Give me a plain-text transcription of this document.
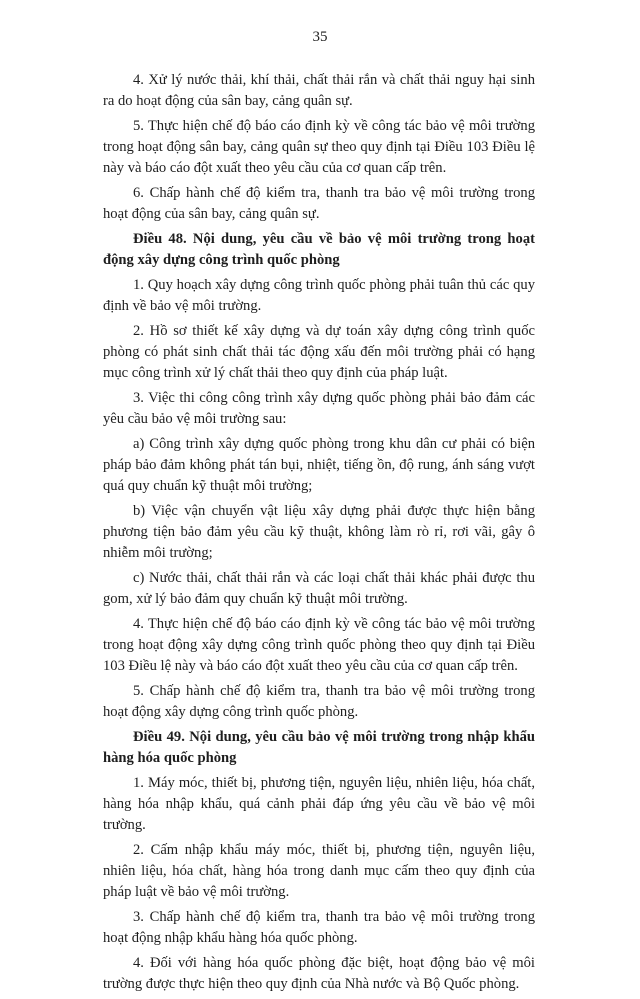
35

4. Xử lý nước thải, khí thải, chất thải rắn và chất thải nguy hại sinh ra do hoạt động của sân bay, cảng quân sự.

5. Thực hiện chế độ báo cáo định kỳ về công tác bảo vệ môi trường trong hoạt động sân bay, cảng quân sự theo quy định tại Điều 103 Điều lệ này và báo cáo đột xuất theo yêu cầu của cơ quan cấp trên.

6. Chấp hành chế độ kiểm tra, thanh tra bảo vệ môi trường trong hoạt động của sân bay, cảng quân sự.

Điều 48. Nội dung, yêu cầu về bảo vệ môi trường trong hoạt động xây dựng công trình quốc phòng

1. Quy hoạch xây dựng công trình quốc phòng phải tuân thủ các quy định về bảo vệ môi trường.

2. Hồ sơ thiết kế xây dựng và dự toán xây dựng công trình quốc phòng có phát sinh chất thải tác động xấu đến môi trường phải có hạng mục công trình xử lý chất thải theo quy định của pháp luật.

3. Việc thi công công trình xây dựng quốc phòng phải bảo đảm các yêu cầu bảo vệ môi trường sau:

a) Công trình xây dựng quốc phòng trong khu dân cư phải có biện pháp bảo đảm không phát tán bụi, nhiệt, tiếng ồn, độ rung, ánh sáng vượt quá quy chuẩn kỹ thuật môi trường;

b) Việc vận chuyển vật liệu xây dựng phải được thực hiện bằng phương tiện bảo đảm yêu cầu kỹ thuật, không làm rò rỉ, rơi vãi, gây ô nhiễm môi trường;

c) Nước thải, chất thải rắn và các loại chất thải khác phải được thu gom, xử lý bảo đảm quy chuẩn kỹ thuật môi trường.

4. Thực hiện chế độ báo cáo định kỳ về công tác bảo vệ môi trường trong hoạt động xây dựng công trình quốc phòng theo quy định tại Điều 103 Điều lệ này và báo cáo đột xuất theo yêu cầu của cơ quan cấp trên.

5. Chấp hành chế độ kiểm tra, thanh tra bảo vệ môi trường trong hoạt động xây dựng công trình quốc phòng.

Điều 49. Nội dung, yêu cầu bảo vệ môi trường trong nhập khẩu hàng hóa quốc phòng

1. Máy móc, thiết bị, phương tiện, nguyên liệu, nhiên liệu, hóa chất, hàng hóa nhập khẩu, quá cảnh phải đáp ứng yêu cầu về bảo vệ môi trường.

2. Cấm nhập khẩu máy móc, thiết bị, phương tiện, nguyên liệu, nhiên liệu, hóa chất, hàng hóa trong danh mục cấm theo quy định của pháp luật về bảo vệ môi trường.

3. Chấp hành chế độ kiểm tra, thanh tra bảo vệ môi trường trong hoạt động nhập khẩu hàng hóa quốc phòng.

4. Đối với hàng hóa quốc phòng đặc biệt, hoạt động bảo vệ môi trường được thực hiện theo quy định của Nhà nước và Bộ Quốc phòng.
